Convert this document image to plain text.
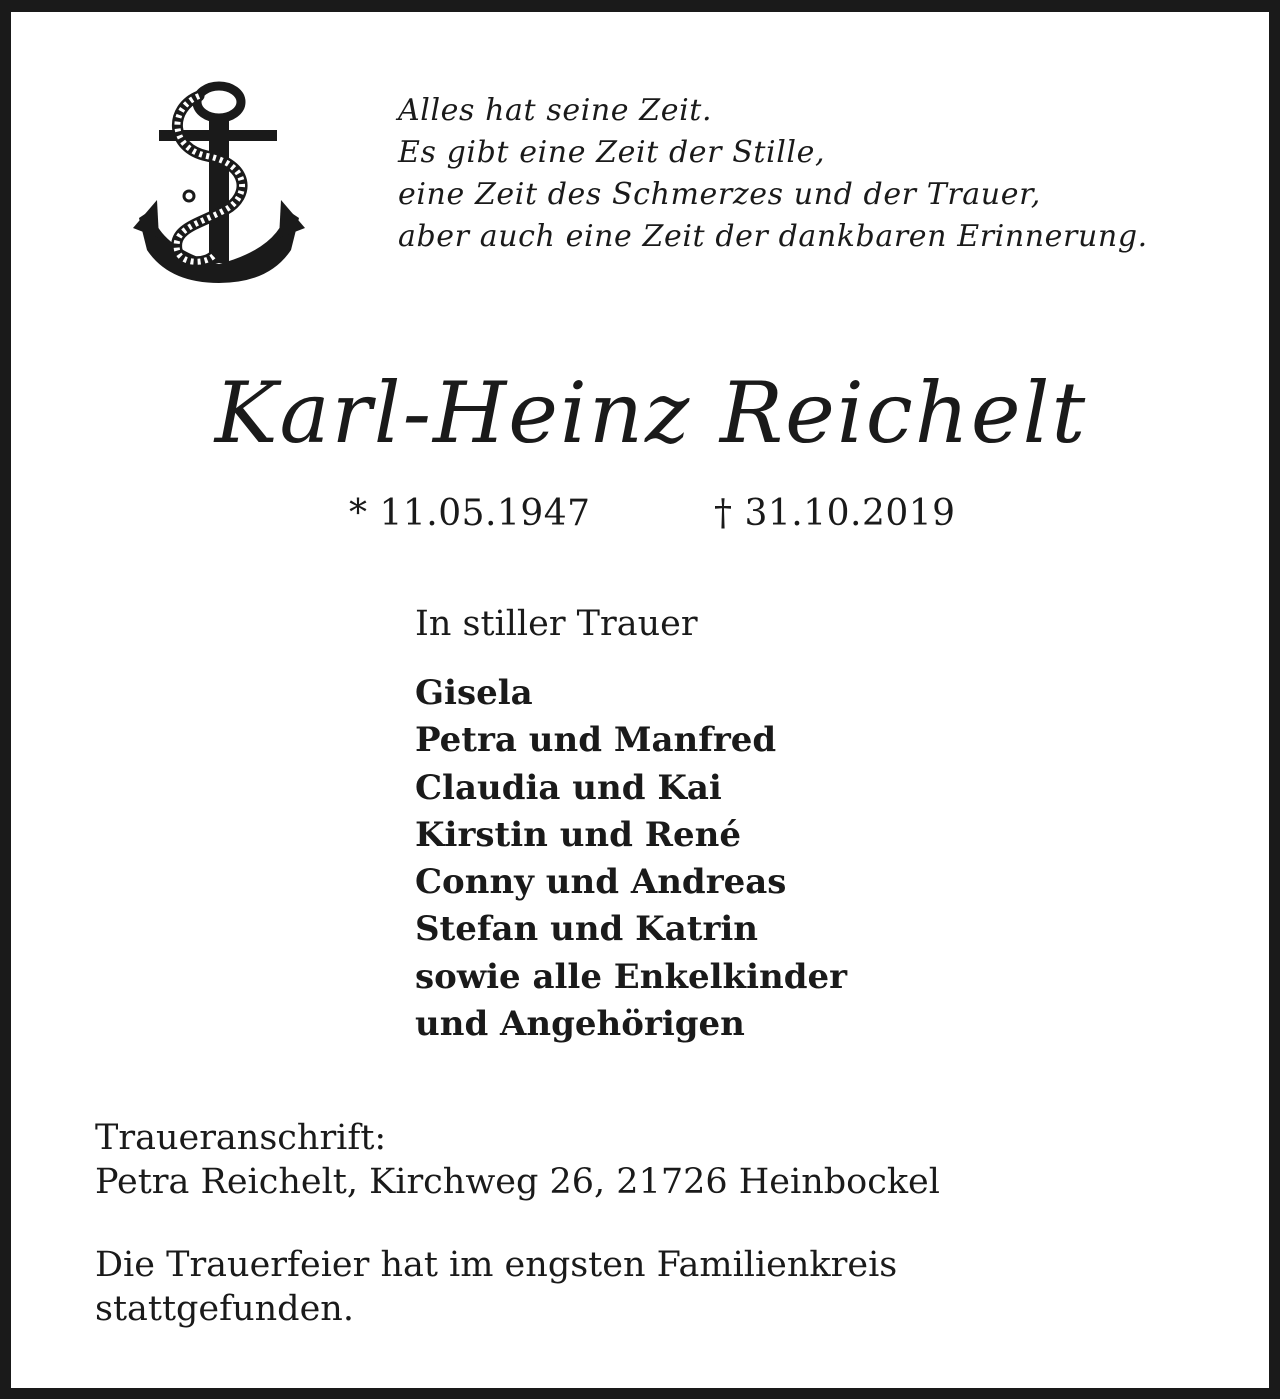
Alles hat seine Zeit.
Es gibt eine Zeit der Stille,
eine Zeit des Schmerzes und der Trauer,
aber auch eine Zeit der dankbaren Erinnerung.
Karl-Heinz Reichelt
* 11.05.1947	† 31.10.2019
In stiller Trauer
Gisela
Petra und Manfred
Claudia und Kai
Kirstin und René
Conny und Andreas
Stefan und Katrin
sowie alle Enkelkinder
und Angehörigen
Traueranschrift:
Petra Reichelt, Kirchweg 26, 21726 Heinbockel
Die Trauerfeier hat im engsten Familienkreis
stattgefunden.
